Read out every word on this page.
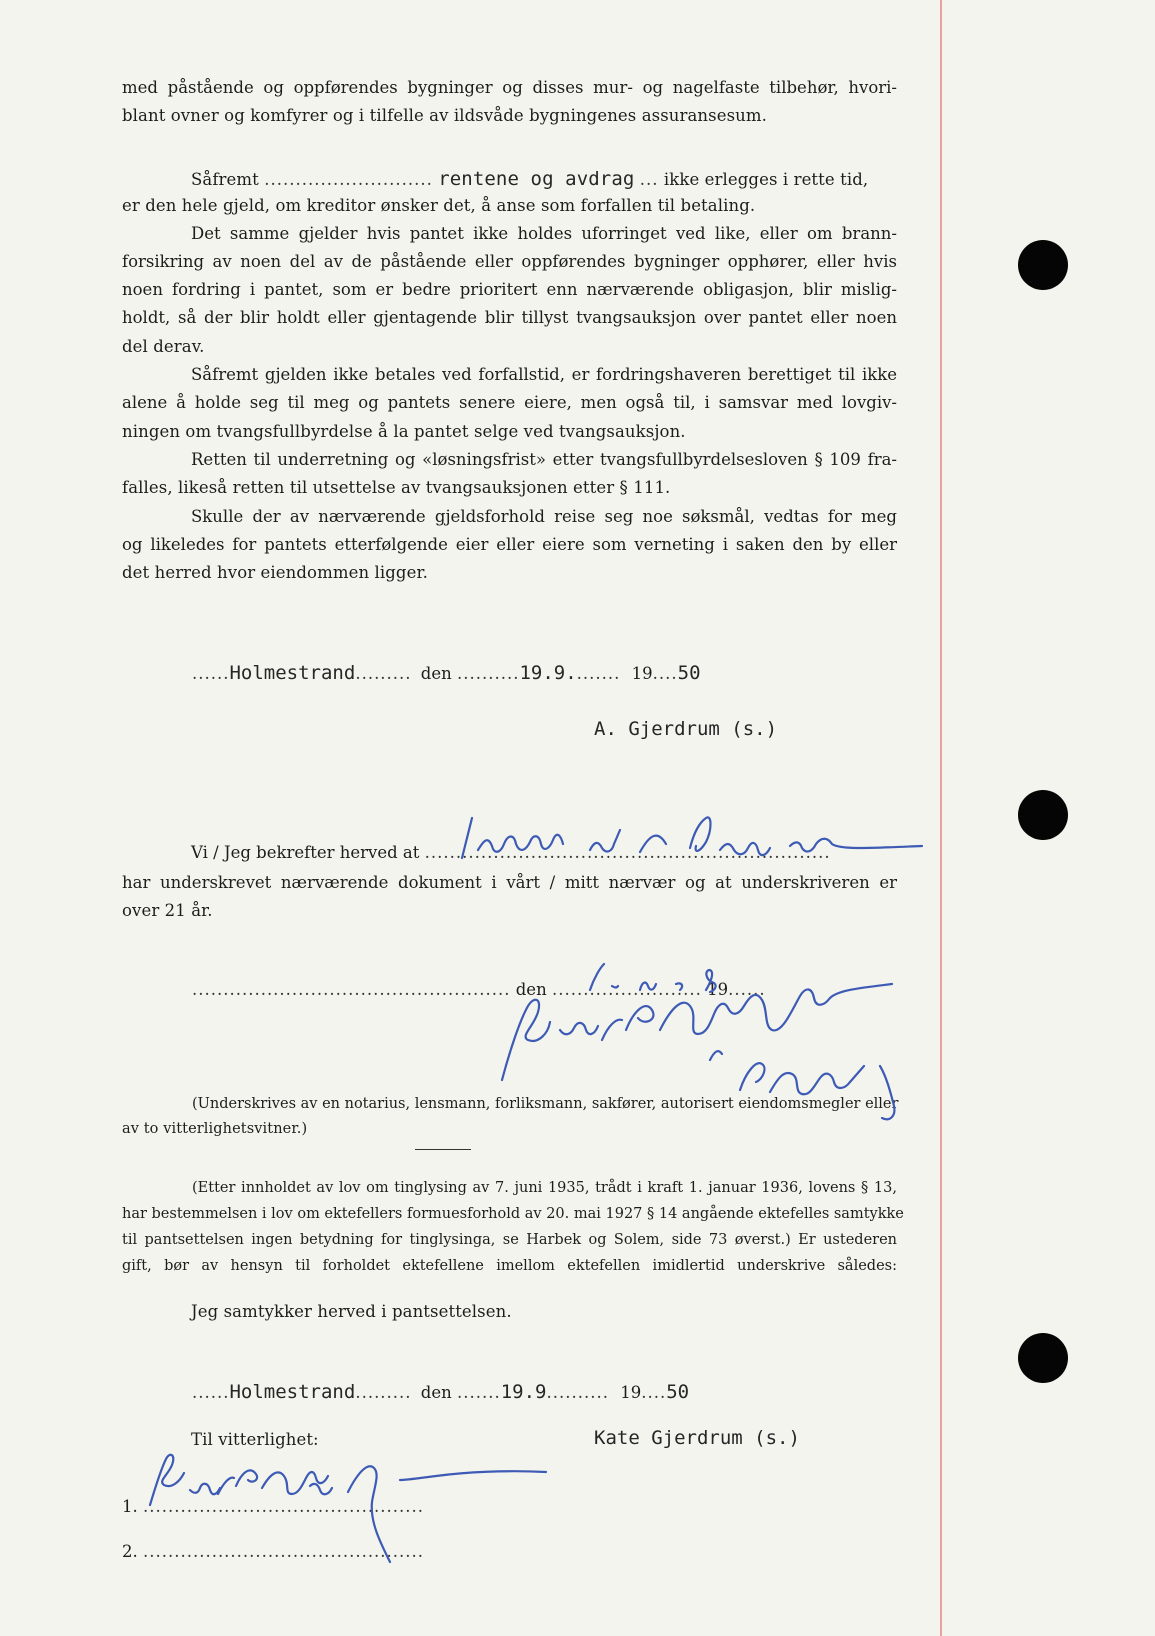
med påstående og oppførendes bygninger og disses mur- og nagelfaste tilbehør, hvori-
blant ovner og komfyrer og i tilfelle av ildsvåde bygningenes assuransesum.
Såfremt ........................... rentene og avdrag ... ikke erlegges i rette tid,
er den hele gjeld, om kreditor ønsker det, å anse som forfallen til betaling.
Det samme gjelder hvis pantet ikke holdes uforringet ved like, eller om brann-
forsikring av noen del av de påstående eller oppførendes bygninger opphører, eller hvis
noen fordring i pantet, som er bedre prioritert enn nærværende obligasjon, blir mislig-
holdt, så der blir holdt eller gjentagende blir tillyst tvangsauksjon over pantet eller noen
del derav.
Såfremt gjelden ikke betales ved forfallstid, er fordringshaveren berettiget til ikke
alene å holde seg til meg og pantets senere eiere, men også til, i samsvar med lovgiv-
ningen om tvangsfullbyrdelse å la pantet selge ved tvangsauksjon.
Retten til underretning og «løsningsfrist» etter tvangsfullbyrdelsesloven § 109 fra-
falles, likeså retten til utsettelse av tvangsauksjonen etter § 111.
Skulle der av nærværende gjeldsforhold reise seg noe søksmål, vedtas for meg
og likeledes for pantets etterfølgende eier eller eiere som verneting i saken den by eller
det herred hvor eiendommen ligger.
......Holmestrand......... den ..........19.9........ 19....50
A. Gjerdrum (s.)
Vi / Jeg bekrefter herved at .................................................................
har underskrevet nærværende dokument i vårt / mitt nærvær og at underskriveren er
over 21 år.
................................................... den ........................ 19......
(Underskrives av en notarius, lensmann, forliksmann, sakfører, autorisert eiendomsmegler eller
av to vitterlighetsvitner.)
(Etter innholdet av lov om tinglysing av 7. juni 1935, trådt i kraft 1. januar 1936, lovens § 13,
har bestemmelsen i lov om ektefellers formuesforhold av 20. mai 1927 § 14 angående ektefelles samtykke
til pantsettelsen ingen betydning for tinglysinga, se Harbek og Solem, side 73 øverst.) Er ustederen
gift, bør av hensyn til forholdet ektefellene imellom ektefellen imidlertid underskrive således:
Jeg samtykker herved i pantsettelsen.
......Holmestrand......... den .......19.9.......... 19....50
Til vitterlighet:	Kate Gjerdrum (s.)
1. .............................................
2. .............................................
